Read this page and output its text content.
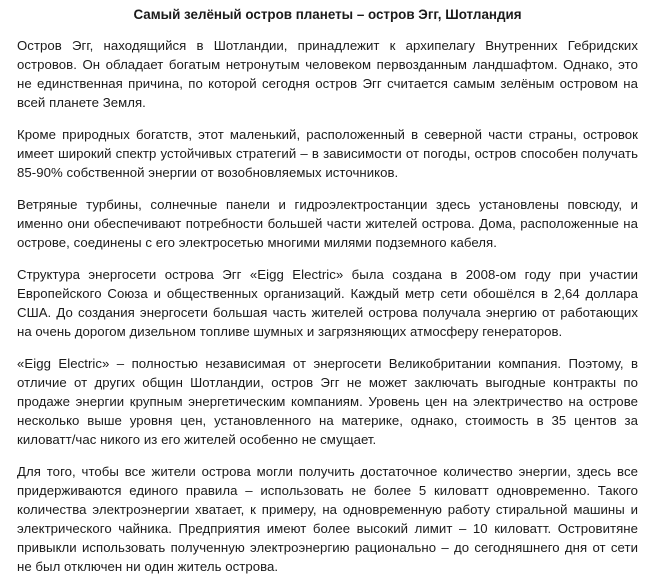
Самый зелёный остров планеты – остров Эгг, Шотландия

Остров Эгг, находящийся в Шотландии, принадлежит к архипелагу Внутренних Гебридских островов. Он обладает богатым нетронутым человеком первозданным ландшафтом. Однако, это не единственная причина, по которой сегодня остров Эгг считается самым зелёным островом на всей планете Земля.

Кроме природных богатств, этот маленький, расположенный в северной части страны, островок имеет широкий спектр устойчивых стратегий – в зависимости от погоды, остров способен получать 85-90% собственной энергии от возобновляемых источников.

Ветряные турбины, солнечные панели и гидроэлектростанции здесь установлены повсюду, и именно они обеспечивают потребности большей части жителей острова. Дома, расположенные на острове, соединены с его электросетью многими милями подземного кабеля.

Структура энергосети острова Эгг «Eigg Electric» была создана в 2008-ом году при участии Европейского Союза и общественных организаций. Каждый метр сети обошёлся в 2,64 доллара США. До создания энергосети большая часть жителей острова получала энергию от работающих на очень дорогом дизельном топливе шумных и загрязняющих атмосферу генераторов.

«Eigg Electric» – полностью независимая от энергосети Великобритании компания. Поэтому, в отличие от других общин Шотландии, остров Эгг не может заключать выгодные контракты по продаже энергии крупным энергетическим компаниям. Уровень цен на электричество на острове несколько выше уровня цен, установленного на материке, однако, стоимость в 35 центов за киловатт/час никого из его жителей особенно не смущает.

Для того, чтобы все жители острова могли получить достаточное количество энергии, здесь все придерживаются единого правила – использовать не более 5 киловатт одновременно. Такого количества электроэнергии хватает, к примеру, на одновременную работу стиральной машины и электрического чайника. Предприятия имеют более высокий лимит – 10 киловатт. Островитяне привыкли использовать полученную электроэнергию рационально – до сегодняшнего дня от сети не был отключен ни один житель острова.
